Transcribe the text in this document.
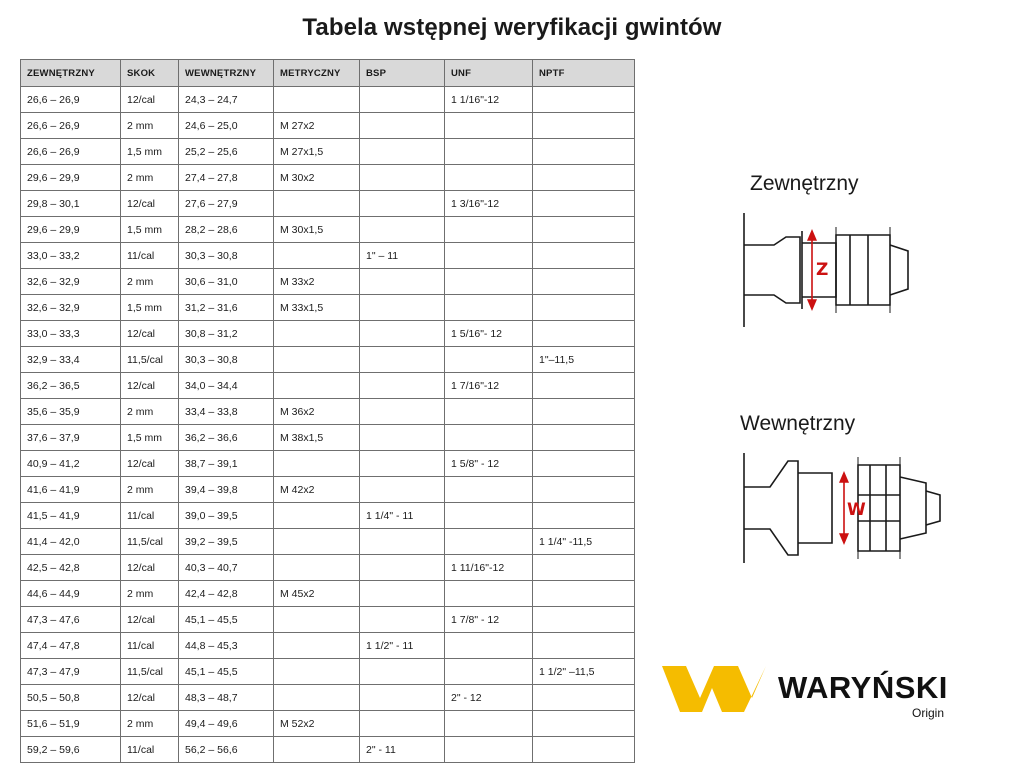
Tabela wstępnej weryfikacji gwintów
ZEWNĘTRZNY	SKOK	WEWNĘTRZNY	METRYCZNY	BSP	UNF	NPTF
26,6 – 26,9	12/cal	24,3 – 24,7			1 1/16"-12	
26,6 – 26,9	2 mm	24,6 – 25,0	M 27x2			
26,6 – 26,9	1,5 mm	25,2 – 25,6	M 27x1,5			
29,6 – 29,9	2 mm	27,4 – 27,8	M 30x2			
29,8 – 30,1	12/cal	27,6 – 27,9			1 3/16"-12	
29,6 – 29,9	1,5 mm	28,2 – 28,6	M 30x1,5			
33,0 – 33,2	11/cal	30,3 – 30,8		1" – 11		
32,6 – 32,9	2 mm	30,6 – 31,0	M 33x2			
32,6 – 32,9	1,5 mm	31,2 – 31,6	M 33x1,5			
33,0 – 33,3	12/cal	30,8 – 31,2			1 5/16"- 12	
32,9 – 33,4	11,5/cal	30,3 – 30,8				1"–11,5
36,2 – 36,5	12/cal	34,0 – 34,4			1 7/16"-12	
35,6 – 35,9	2 mm	33,4 – 33,8	M 36x2			
37,6 – 37,9	1,5 mm	36,2 – 36,6	M 38x1,5			
40,9 – 41,2	12/cal	38,7 – 39,1			1 5/8" - 12	
41,6 – 41,9	2 mm	39,4 – 39,8	M 42x2			
41,5 – 41,9	11/cal	39,0 – 39,5		1 1/4" - 11		
41,4 – 42,0	11,5/cal	39,2 – 39,5				1 1/4" -11,5
42,5 – 42,8	12/cal	40,3 – 40,7			1 11/16"-12	
44,6 – 44,9	2 mm	42,4 – 42,8	M 45x2			
47,3 – 47,6	12/cal	45,1 – 45,5			1 7/8" - 12	
47,4 – 47,8	11/cal	44,8 – 45,3		1 1/2" - 11		
47,3 – 47,9	11,5/cal	45,1 – 45,5				1 1/2" –11,5
50,5 – 50,8	12/cal	48,3 – 48,7			2" - 12	
51,6 – 51,9	2 mm	49,4 – 49,6	M 52x2			
59,2 – 59,6	11/cal	56,2 – 56,6		2" - 11		
Zewnętrzny
Z
Wewnętrzny
W
WARYŃSKI
Origin
